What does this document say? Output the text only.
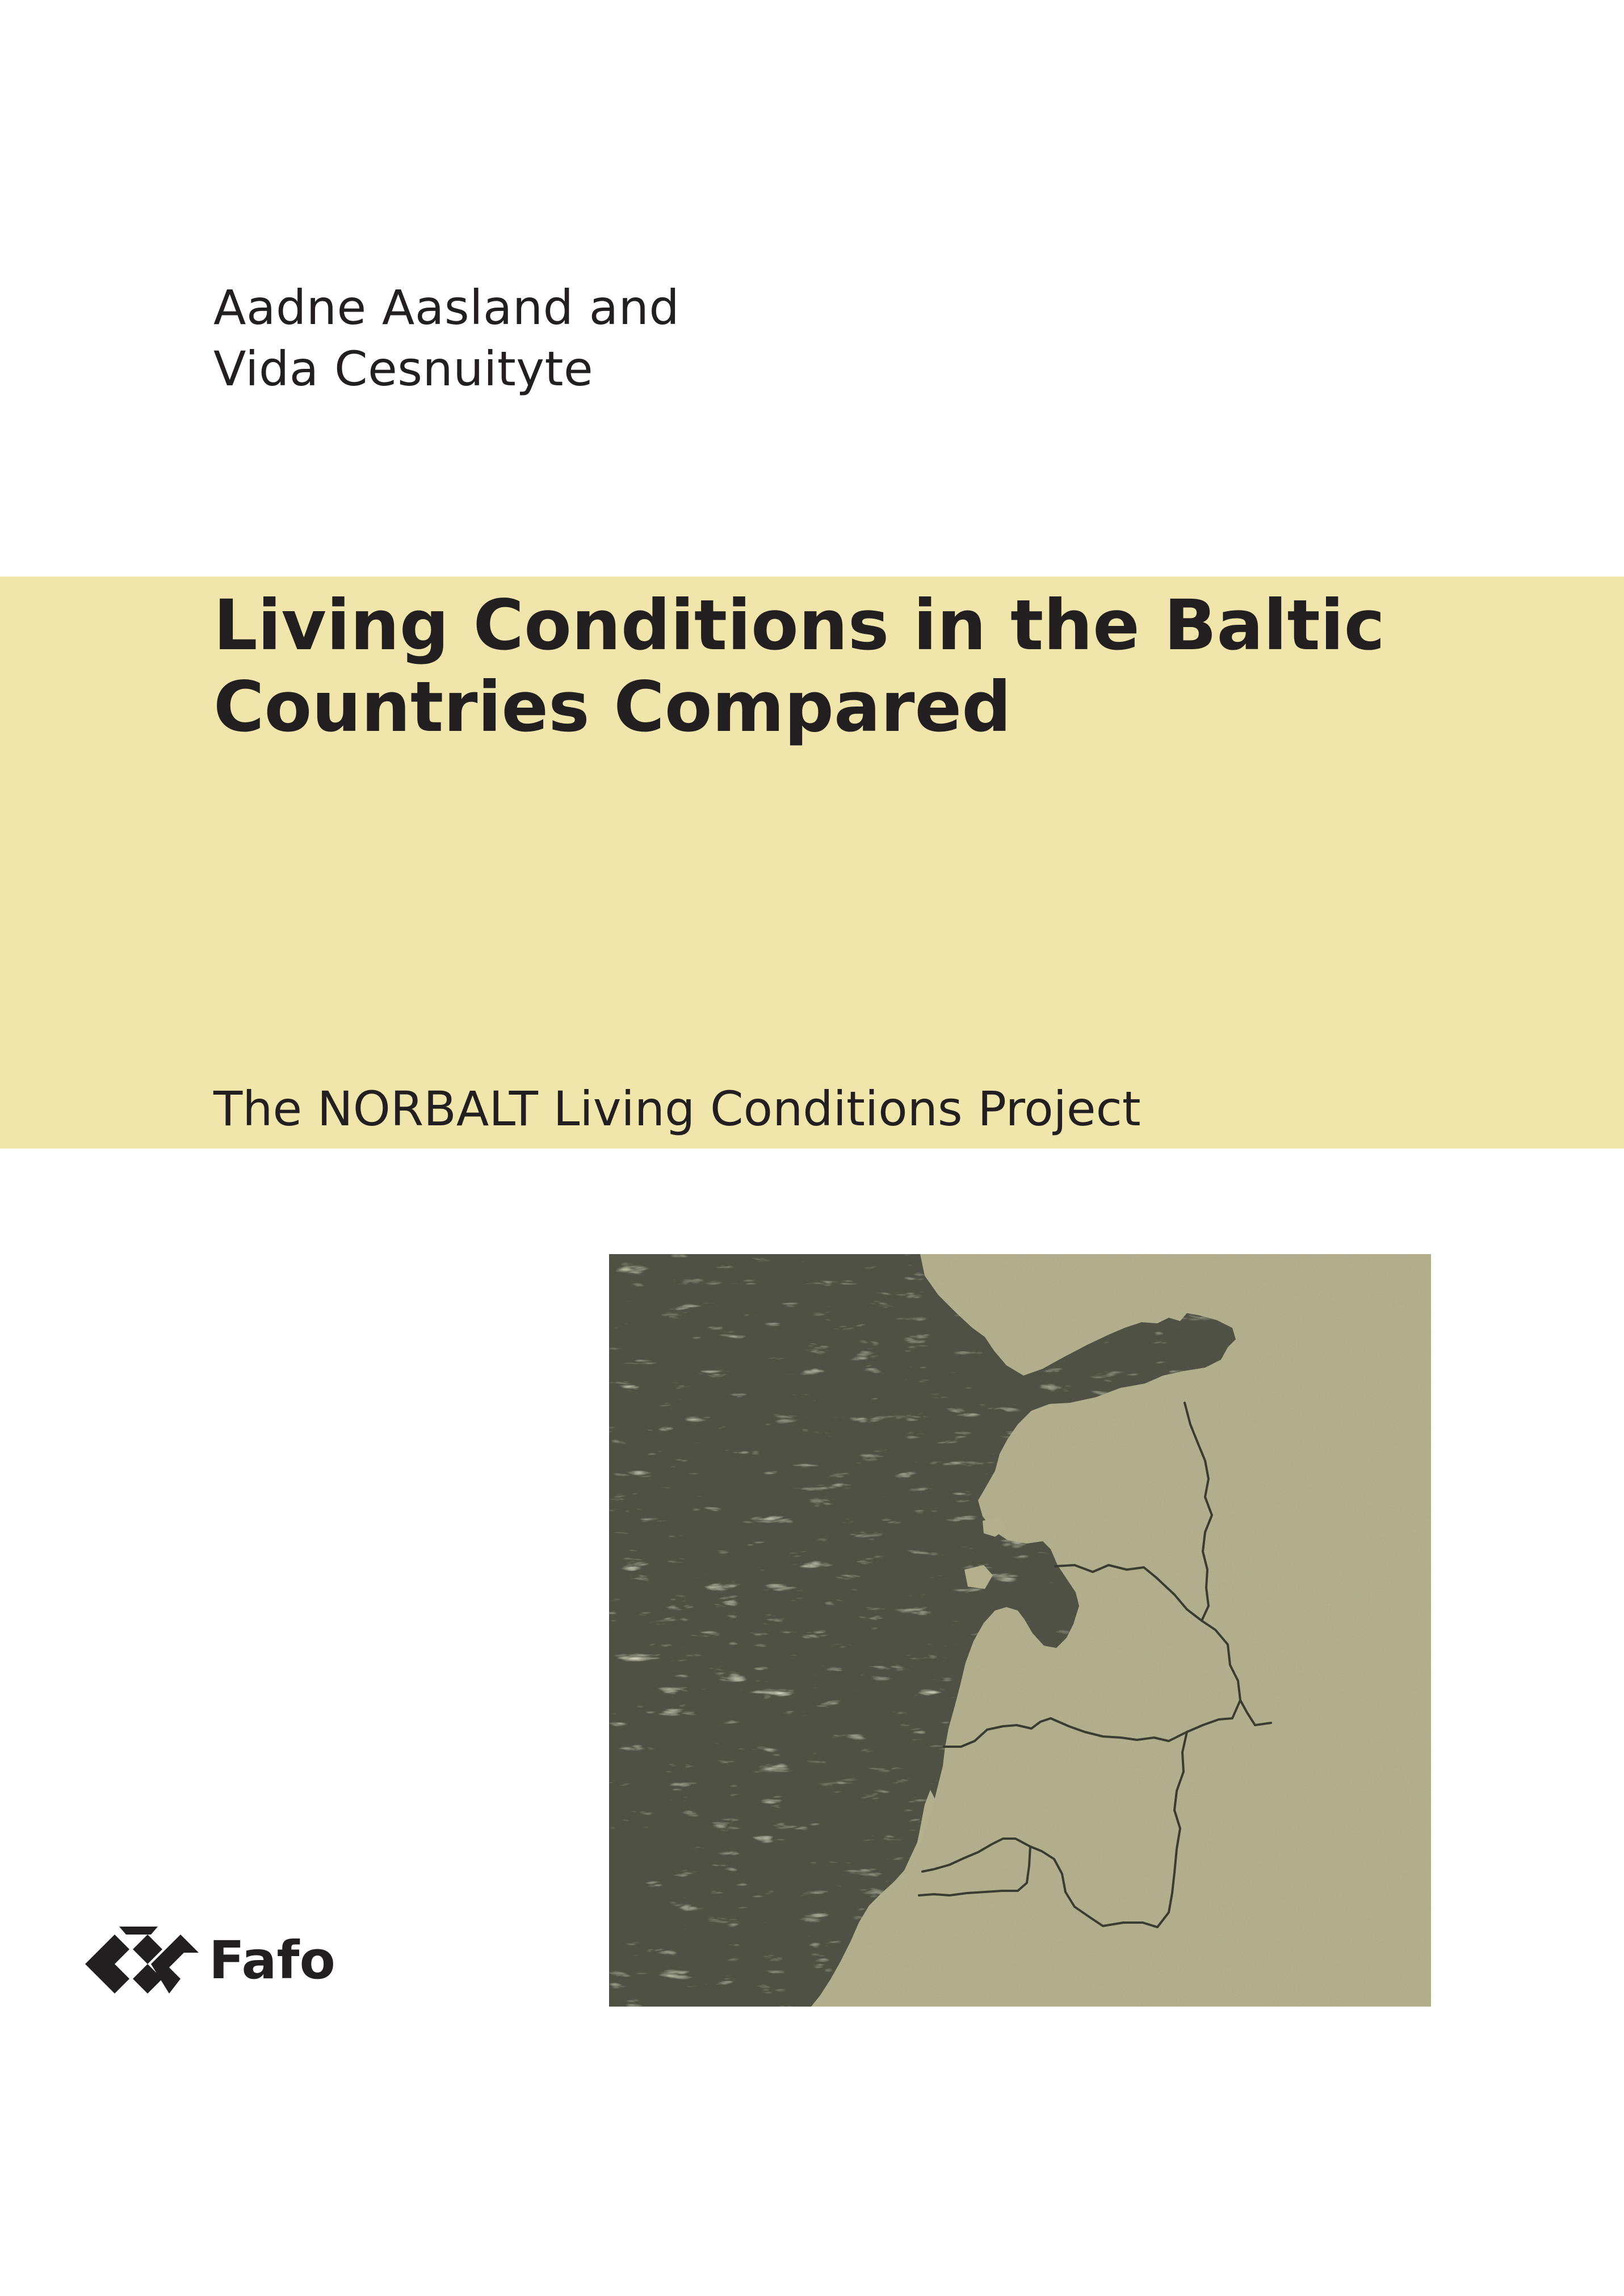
Aadne Aasland and
Vida Cesnuityte
Living Conditions in the Baltic
Countries Compared
The NORBALT Living Conditions Project
Fafo
